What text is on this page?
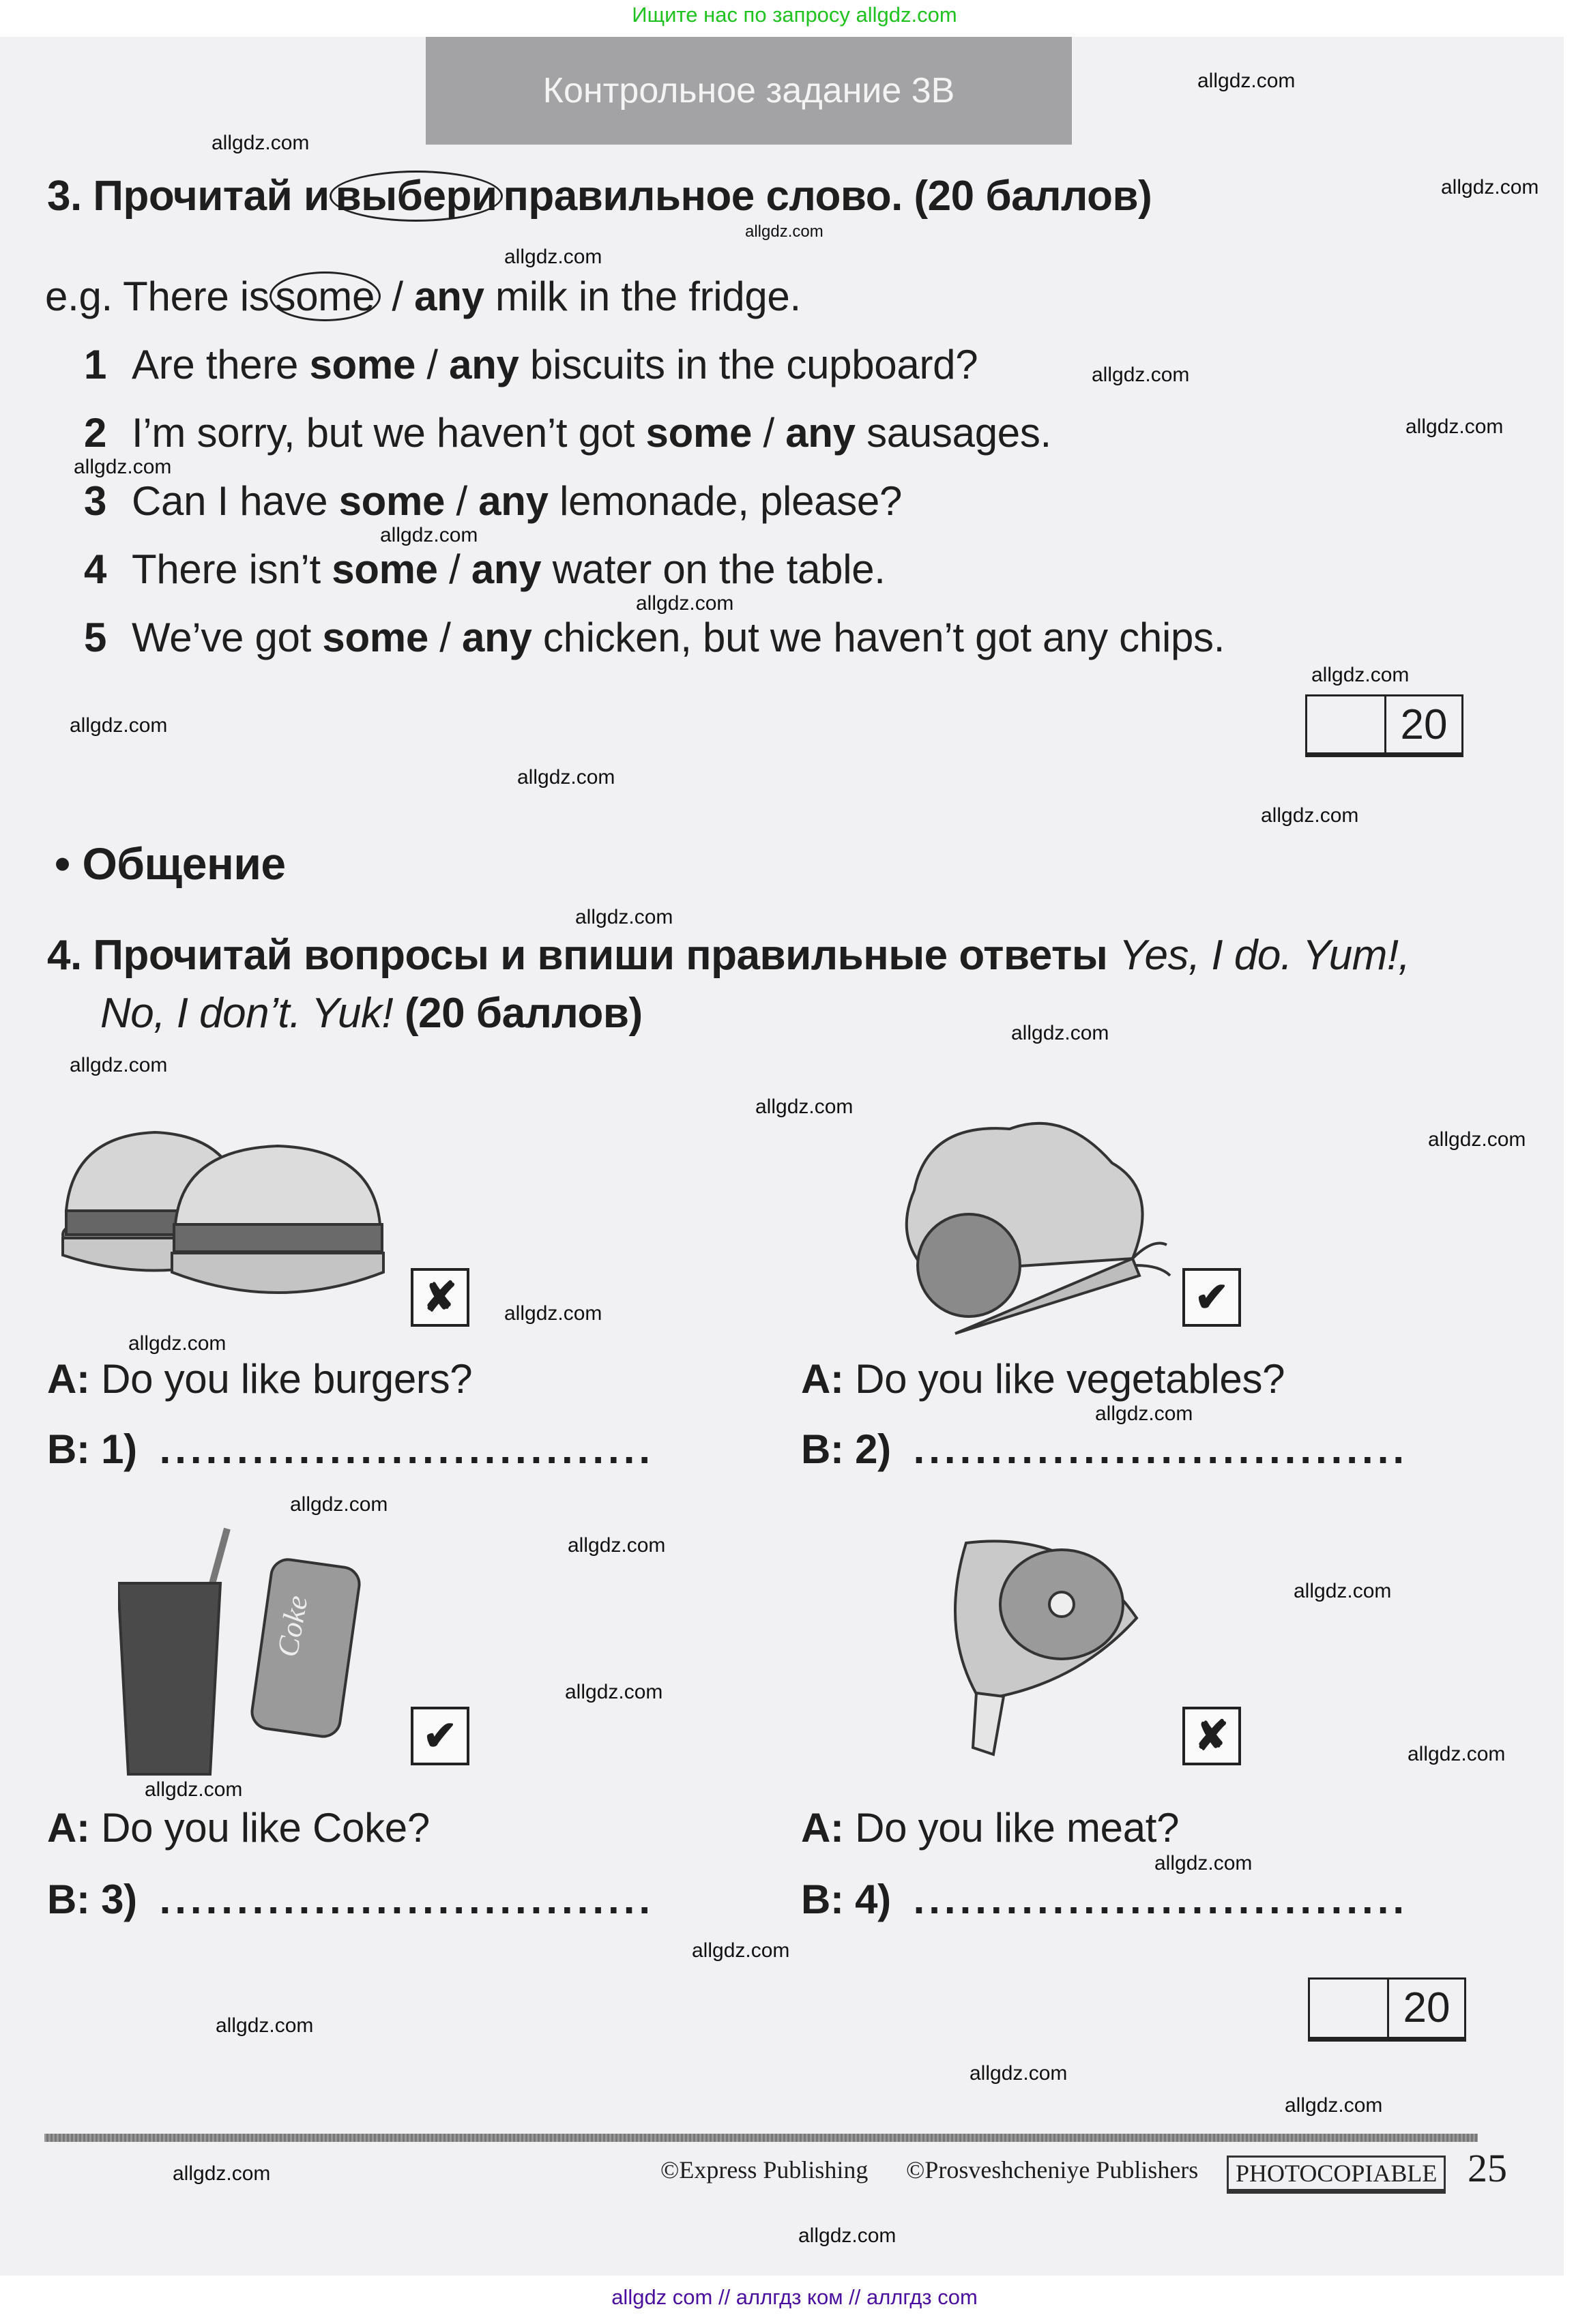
Ищите нас по запросу allgdz.com
Контрольное задание 3B
3. Прочитай и выбери правильное слово. (20 баллов)
e.g. There is some / any milk in the fridge.
1 Are there some / any biscuits in the cupboard?
2 I’m sorry, but we haven’t got some / any sausages.
3 Can I have some / any lemonade, please?
4 There isn’t some / any water on the table.
5 We’ve got some / any chicken, but we haven’t got any chips.
20
• Общение
4. Прочитай вопросы и впиши правильные ответы Yes, I do. Yum!,
No, I don’t. Yuk! (20 баллов)
✘	✔
A: Do you like burgers?
B: 1) ................................
A: Do you like vegetables?
B: 2) ................................
Coke
✔	✘
A: Do you like Coke?
B: 3) ................................
A: Do you like meat?
B: 4) ................................
20
©Express Publishing ©Prosveshcheniye Publishers	PHOTOCOPIABLE 25
allgdz com // аллгдз ком // аллгдз com
allgdz.com
allgdz.com
allgdz.com
allgdz.com
allgdz.com
allgdz.com
allgdz.com
allgdz.com
allgdz.com
allgdz.com
allgdz.com
allgdz.com
allgdz.com
allgdz.com
allgdz.com
allgdz.com
allgdz.com
allgdz.com
allgdz.com
allgdz.com
allgdz.com
allgdz.com
allgdz.com
allgdz.com
allgdz.com
allgdz.com
allgdz.com
allgdz.com
allgdz.com
allgdz.com
allgdz.com
allgdz.com
allgdz.com
allgdz.com
allgdz.com
